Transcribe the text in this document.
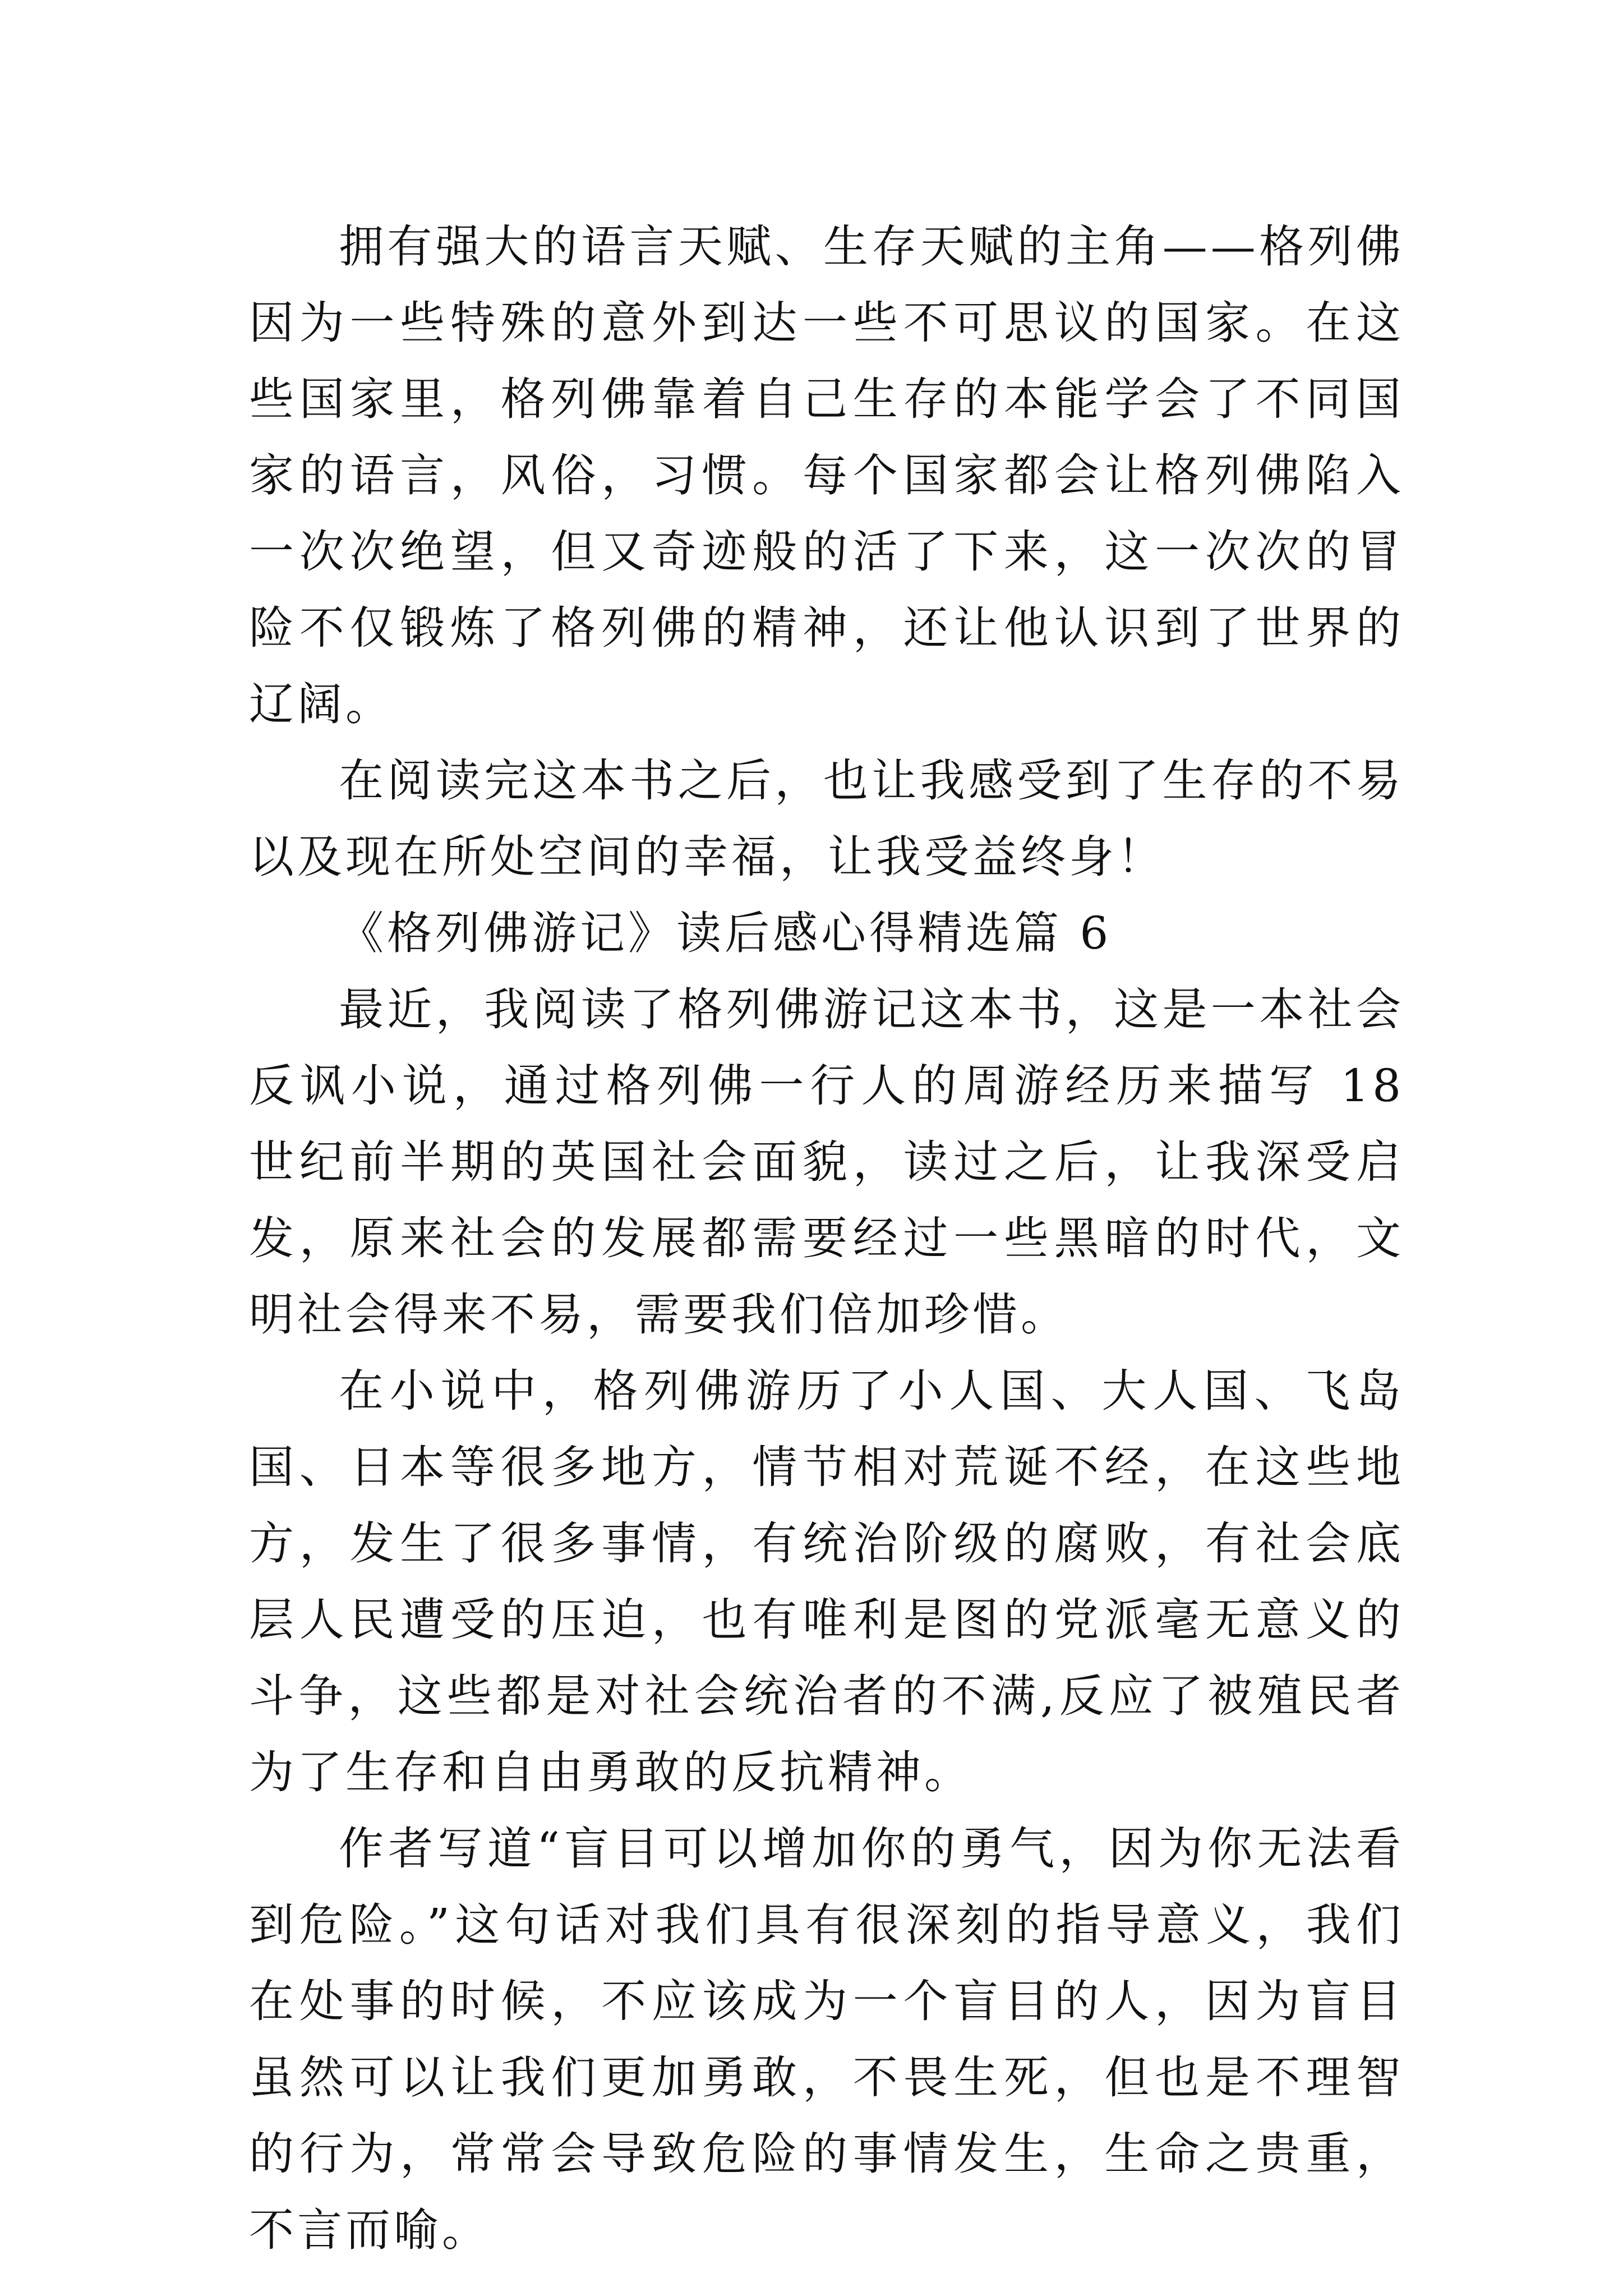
拥有强大的语言天赋、生存天赋的主角——格列佛因为一些特殊的意外到达一些不可思议的国家。在这些国家里，格列佛靠着自己生存的本能学会了不同国家的语言，风俗，习惯。每个国家都会让格列佛陷入一次次绝望，但又奇迹般的活了下来，这一次次的冒险不仅锻炼了格列佛的精神，还让他认识到了世界的辽阔。

在阅读完这本书之后，也让我感受到了生存的不易以及现在所处空间的幸福，让我受益终身！

《格列佛游记》读后感心得精选篇 6

最近，我阅读了格列佛游记这本书，这是一本社会反讽小说，通过格列佛一行人的周游经历来描写 18 世纪前半期的英国社会面貌，读过之后，让我深受启发，原来社会的发展都需要经过一些黑暗的时代，文明社会得来不易，需要我们倍加珍惜。

在小说中，格列佛游历了小人国、大人国、飞岛国、日本等很多地方，情节相对荒诞不经，在这些地方，发生了很多事情，有统治阶级的腐败，有社会底层人民遭受的压迫，也有唯利是图的党派毫无意义的斗争，这些都是对社会统治者的不满,反应了被殖民者为了生存和自由勇敢的反抗精神。

作者写道“盲目可以增加你的勇气，因为你无法看到危险。”这句话对我们具有很深刻的指导意义，我们在处事的时候，不应该成为一个盲目的人，因为盲目虽然可以让我们更加勇敢，不畏生死，但也是不理智的行为，常常会导致危险的事情发生，生命之贵重，不言而喻。
